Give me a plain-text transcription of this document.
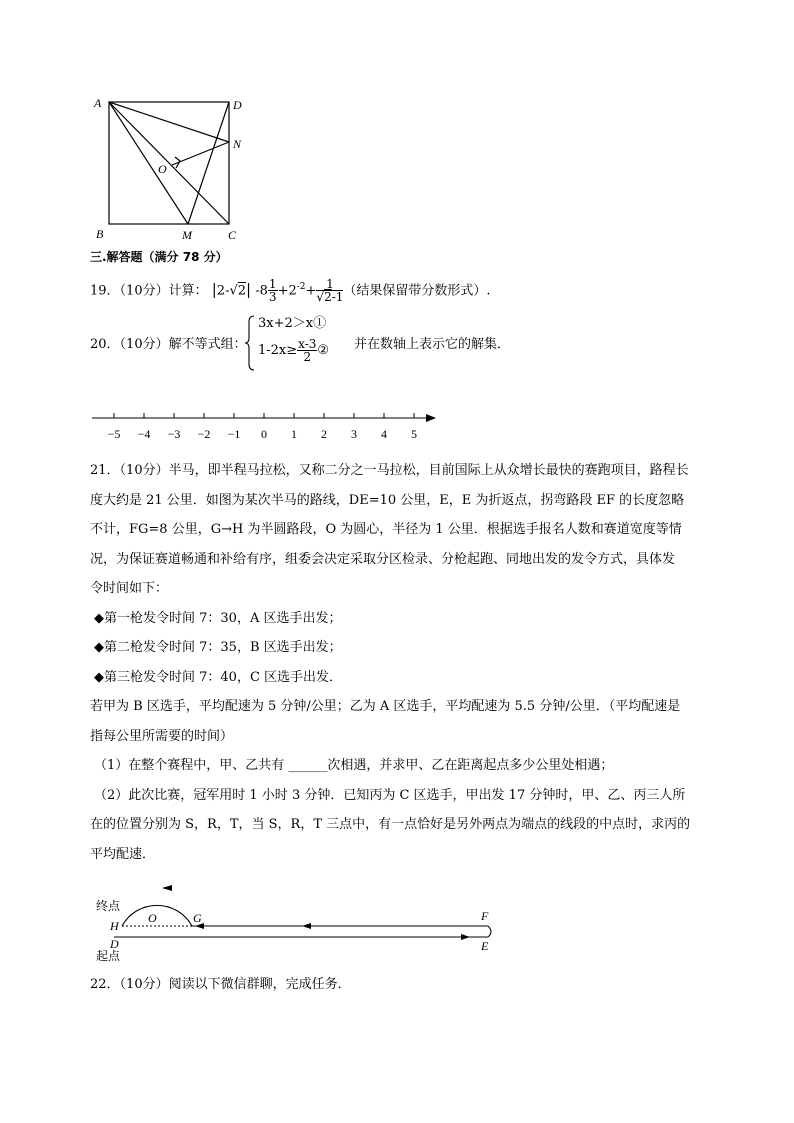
A	D
N
O
B	M	C
三.解答题（满分 78 分）
19．（10分）计算： |2-√2| $-8 \frac{1}{3} +2^{-2}+ \frac{1}{√2-1}$ （结果保留带分数形式）.
20．（10分）解不等式组：
3x+2＞x①
$1-2x\ge \frac{x-3}{2}$ ② 并在数轴上表示它的解集．
−5 −4 −3 −2 −1 0 1 2 3 4 5
21．（10分）半马，即半程马拉松，又称二分之一马拉松，目前国际上从众增长最快的赛跑项目，路程长
度大约是 21 公里．如图为某次半马的路线，DE=10 公里，E，E 为折返点，拐弯路段 EF 的长度忽略
不计，FG=8 公里，G→H 为半圆路段，O 为圆心，半径为 1 公里．根据选手报名人数和赛道宽度等情
况，为保证赛道畅通和补给有序，组委会决定采取分区检录、分枪起跑、同地出发的发令方式，具体发
令时间如下：
◆第一枪发令时间 7：30，A 区选手出发；
◆第二枪发令时间 7：35，B 区选手出发；
◆第三枪发令时间 7：40，C 区选手出发．
若甲为 B 区选手，平均配速为 5 分钟/公里；乙为 A 区选手，平均配速为 5.5 分钟/公里．（平均配速是
指每公里所需要的时间）
（1）在整个赛程中，甲、乙共有 ______次相遇，并求甲、乙在距离起点多少公里处相遇；
（2）此次比赛，冠军用时 1 小时 3 分钟．已知丙为 C 区选手，甲出发 17 分钟时，甲、乙、丙三人所
在的位置分别为 S，R，T，当 S，R，T 三点中，有一点恰好是另外两点为端点的线段的中点时，求丙的
平均配速．
H
O	G	F
D	E
终点
起点
22．（10分）阅读以下微信群聊，完成任务．
